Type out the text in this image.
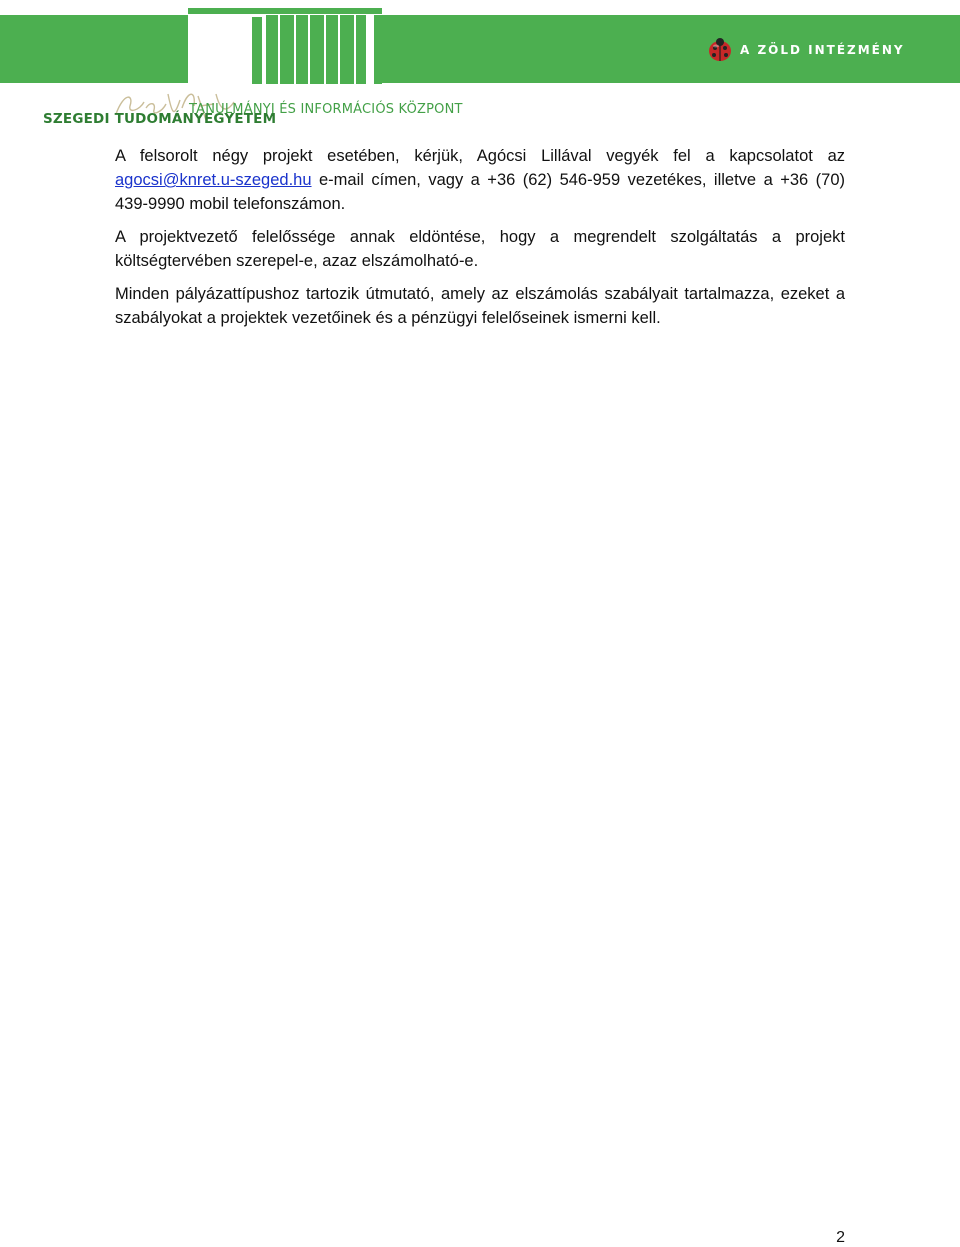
A ZÖLD INTÉZMÉNY
TANULMÁNYI ÉS INFORMÁCIÓS KÖZPONT
SZEGEDI TUDOMÁNYEGYETEM

A felsorolt négy projekt esetében, kérjük, Agócsi Lillával vegyék fel a kapcsolatot az agocsi@knret.u-szeged.hu e-mail címen, vagy a +36 (62) 546-959 vezetékes, illetve a +36 (70) 439-9990 mobil telefonszámon.

A projektvezető felelőssége annak eldöntése, hogy a megrendelt szolgáltatás a projekt költségtervében szerepel-e, azaz elszámolható-e.

Minden pályázattípushoz tartozik útmutató, amely az elszámolás szabályait tartalmazza, ezeket a szabályokat a projektek vezetőinek és a pénzügyi felelőseinek ismerni kell.

2
